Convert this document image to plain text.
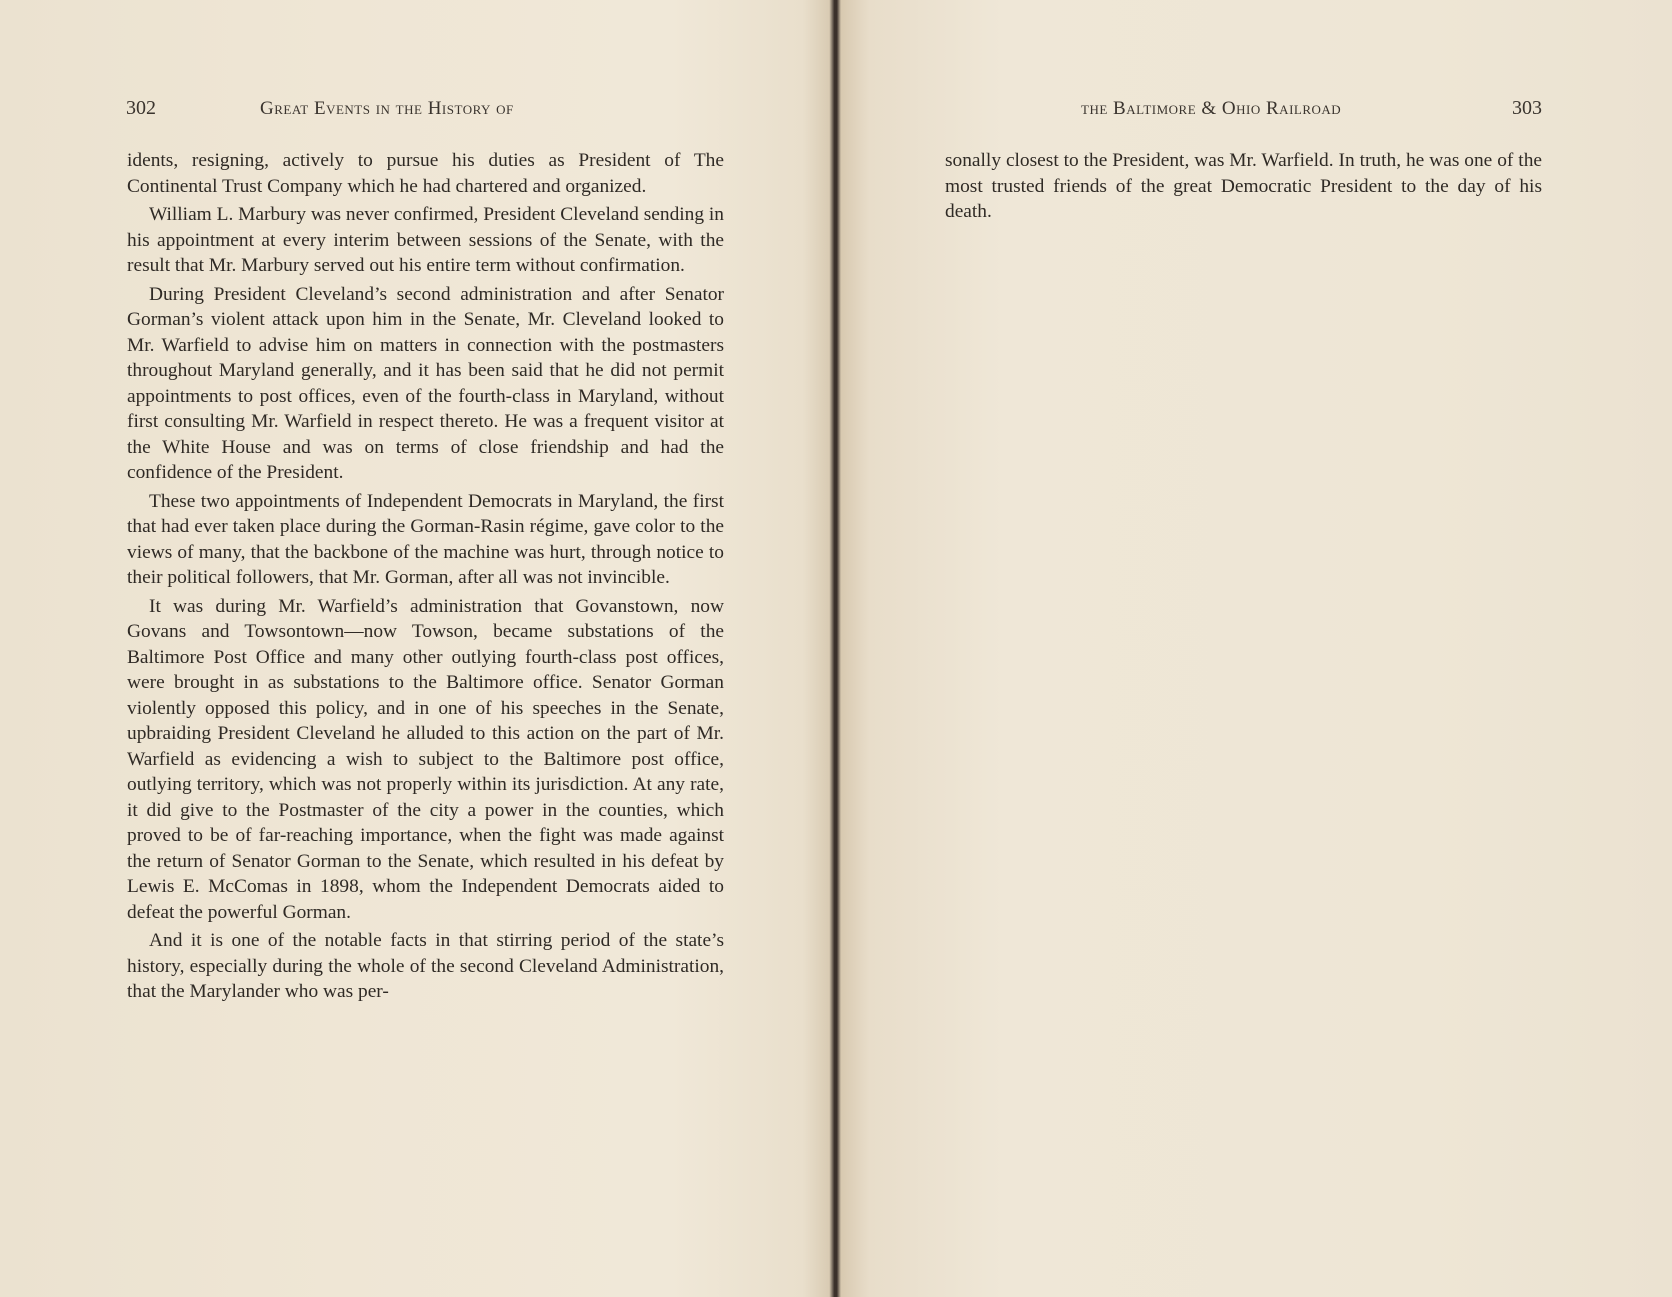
302	Great Events in the History of

idents, resigning, actively to pursue his duties as President of The Continental Trust Company which he had chartered and organized.

William L. Marbury was never confirmed, President Cleveland sending in his appointment at every interim between sessions of the Senate, with the result that Mr. Marbury served out his entire term without confirmation.

During President Cleveland’s second administration and after Senator Gorman’s violent attack upon him in the Senate, Mr. Cleveland looked to Mr. Warfield to advise him on matters in connection with the postmasters throughout Maryland generally, and it has been said that he did not permit appointments to post offices, even of the fourth-class in Maryland, without first consulting Mr. Warfield in respect thereto. He was a frequent visitor at the White House and was on terms of close friendship and had the confidence of the President.

These two appointments of Independent Democrats in Maryland, the first that had ever taken place during the Gorman-Rasin régime, gave color to the views of many, that the backbone of the machine was hurt, through notice to their political followers, that Mr. Gorman, after all was not invincible.

It was during Mr. Warfield’s administration that Govanstown, now Govans and Towsontown—now Towson, became substations of the Baltimore Post Office and many other outlying fourth-class post offices, were brought in as substations to the Baltimore office. Senator Gorman violently opposed this policy, and in one of his speeches in the Senate, upbraiding President Cleveland he alluded to this action on the part of Mr. Warfield as evidencing a wish to subject to the Baltimore post office, outlying territory, which was not properly within its jurisdiction. At any rate, it did give to the Postmaster of the city a power in the counties, which proved to be of far-reaching importance, when the fight was made against the return of Senator Gorman to the Senate, which resulted in his defeat by Lewis E. McComas in 1898, whom the Independent Democrats aided to defeat the powerful Gorman.

And it is one of the notable facts in that stirring period of the state’s history, especially during the whole of the second Cleveland Administration, that the Marylander who was per-

the Baltimore & Ohio Railroad	303

sonally closest to the President, was Mr. Warfield. In truth, he was one of the most trusted friends of the great Democratic President to the day of his death.
